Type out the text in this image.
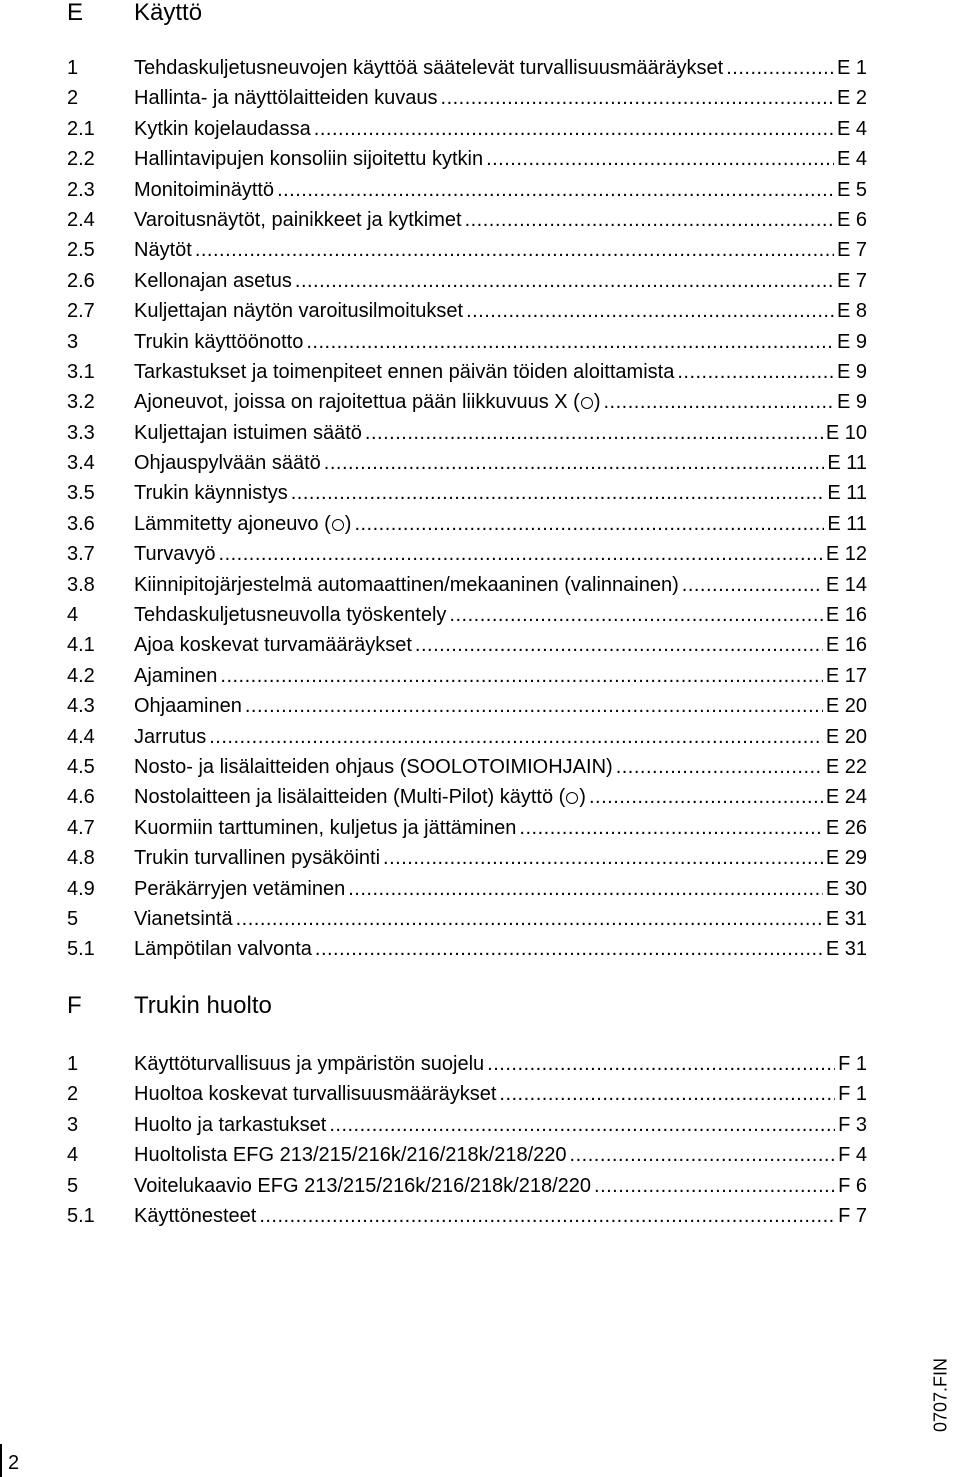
E Käyttö
1	Tehdaskuljetusneuvojen käyttöä säätelevät turvallisuusmääräykset .....	E 1
2	Hallinta- ja näyttölaitteiden kuvaus .....	E 2
2.1 Kytkin kojelaudassa .....	E 4
2.2 Hallintavipujen konsoliin sijoitettu kytkin .....	E 4
2.3 Monitoiminäyttö .....	E 5
2.4 Varoitusnäytöt, painikkeet ja kytkimet .....	E 6
2.5 Näytöt .....	E 7
2.6 Kellonajan asetus .....	E 7
2.7 Kuljettajan näytön varoitusilmoitukset .....	E 8
3	Trukin käyttöönotto .....	E 9
3.1 Tarkastukset ja toimenpiteet ennen päivän töiden aloittamista .....	E 9
3.2 Ajoneuvot, joissa on rajoitettua pään liikkuvuus X ( ) .....	E 9
3.3 Kuljettajan istuimen säätö .....	E 10
3.4 Ohjauspylvään säätö .....	E 11
3.5 Trukin käynnistys .....	E 11
3.6 Lämmitetty ajoneuvo ( ) .....	E 11
3.7 Turvavyö .....	E 12
3.8 Kiinnipitojärjestelmä automaattinen/mekaaninen (valinnainen) .....	E 14
4	Tehdaskuljetusneuvolla työskentely .....	E 16
4.1 Ajoa koskevat turvamääräykset .....	E 16
4.2 Ajaminen .....	E 17
4.3 Ohjaaminen .....	E 20
4.4 Jarrutus .....	E 20
4.5 Nosto- ja lisälaitteiden ohjaus (SOOLOTOIMIOHJAIN) .....	E 22
4.6 Nostolaitteen ja lisälaitteiden (Multi-Pilot) käyttö ( ) .....	E 24
4.7 Kuormiin tarttuminen, kuljetus ja jättäminen .....	E 26
4.8 Trukin turvallinen pysäköinti .....	E 29
4.9 Peräkärryjen vetäminen .....	E 30
5	Vianetsintä .....	E 31
5.1 Lämpötilan valvonta .....	E 31
F Trukin huolto
1	Käyttöturvallisuus ja ympäristön suojelu .....	F 1
2	Huoltoa koskevat turvallisuusmääräykset .....	F 1
3	Huolto ja tarkastukset .....	F 3
4	Huoltolista EFG 213/215/216k/216/218k/218/220 .....	F 4
5	Voitelukaavio EFG 213/215/216k/216/218k/218/220 .....	F 6
5.1 Käyttönesteet .....	F 7
0707.FIN
2
